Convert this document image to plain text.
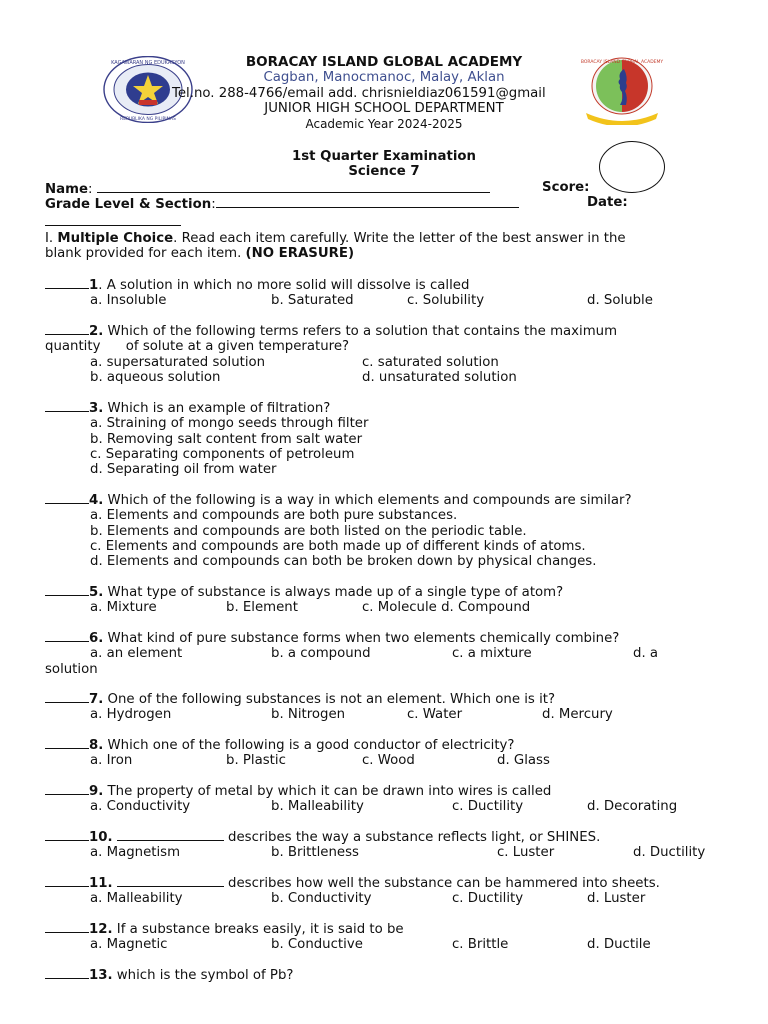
KAGAWARAN NG EDUKASYON
REPUBLIKA NG PILIPINAS
BORACAY ISLAND GLOBAL ACADEMY
BORACAY ISLAND GLOBAL ACADEMY
Cagban, Manocmanoc, Malay, Aklan
Tel.no. 288-4766/email add. chrisnieldiaz061591@gmail
JUNIOR HIGH SCHOOL DEPARTMENT
Academic Year 2024-2025
1st Quarter Examination
Science 7
Name:	Score:
Grade Level & Section:	Date:
I. Multiple Choice. Read each item carefully. Write the letter of the best answer in the
blank provided for each item. (NO ERASURE)
1. A solution in which no more solid will dissolve is called
a. Insoluble	b. Saturated	c. Solubility	d. Soluble
2. Which of the following terms refers to a solution that contains the maximum
quantity      of solute at a given temperature?
a. supersaturated solution	c. saturated solution
b. aqueous solution	d. unsaturated solution
3. Which is an example of filtration?
a. Straining of mongo seeds through filter
b. Removing salt content from salt water
c. Separating components of petroleum
d. Separating oil from water
4. Which of the following is a way in which elements and compounds are similar?
a. Elements and compounds are both pure substances.
b. Elements and compounds are both listed on the periodic table.
c. Elements and compounds are both made up of different kinds of atoms.
d. Elements and compounds can both be broken down by physical changes.
5. What type of substance is always made up of a single type of atom?
a. Mixture	b. Element	c. Molecule d. Compound
6. What kind of pure substance forms when two elements chemically combine?
a. an element	b. a compound	c. a mixture	d. a
solution
7. One of the following substances is not an element. Which one is it?
a. Hydrogen	b. Nitrogen	c. Water	d. Mercury
8. Which one of the following is a good conductor of electricity?
a. Iron	b. Plastic	c. Wood	d. Glass
9. The property of metal by which it can be drawn into wires is called
a. Conductivity	b. Malleability	c. Ductility	d. Decorating
10.	describes the way a substance reflects light, or SHINES.
a. Magnetism	b. Brittleness	c. Luster	d. Ductility
11.	describes how well the substance can be hammered into sheets.
a. Malleability	b. Conductivity	c. Ductility	d. Luster
12. If a substance breaks easily, it is said to be
a. Magnetic	b. Conductive	c. Brittle	d. Ductile
13. which is the symbol of Pb?
